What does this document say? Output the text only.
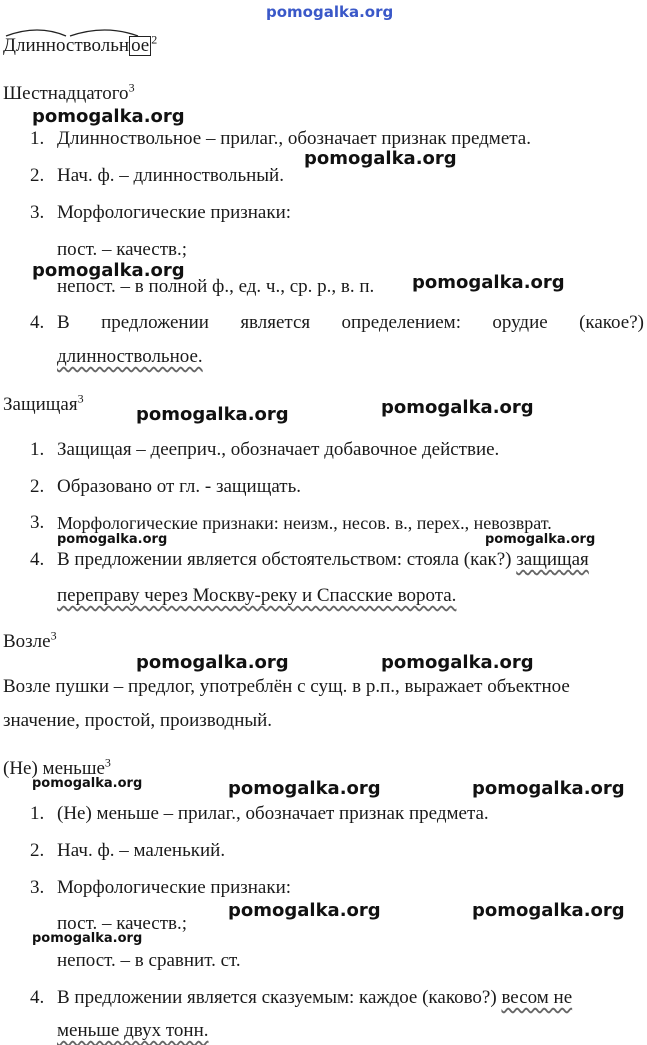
pomogalka.org
Длинноствольн ое $^2$
Шестнадцатого$^3$
pomogalka.org
1. Длинноствольное – прилаг., обозначает признак предмета.
pomogalka.org
2. Нач. ф. – длинноствольный.
3. Морфологические признаки:
пост. – качеств.;
pomogalka.org
непост. – в полной ф., ед. ч., ср. р., в. п. pomogalka.org
4. В предложении является определением: орудие (какое?)
длинноствольное.
Защищая$^3$
pomogalka.org	pomogalka.org
1. Защищая – дееприч., обозначает добавочное действие.
2. Образовано от гл. - защищать.
3. Морфологические признаки: неизм., несов. в., перех., невозврат.
pomogalka.org	pomogalka.org
4. В предложении является обстоятельством: стояла (как?) защищая
переправу через Москву-реку и Спасские ворота.
Возле$^3$
pomogalka.org	pomogalka.org
Возле пушки – предлог, употреблён с сущ. в р.п., выражает объектное
значение, простой, производный.
(Не) меньше$^3$
pomogalka.org	pomogalka.org	pomogalka.org
1. (Не) меньше – прилаг., обозначает признак предмета.
2. Нач. ф. – маленький.
3. Морфологические признаки:
pomogalka.org	pomogalka.org
пост. – качеств.;
pomogalka.org
непост. – в сравнит. ст.
4. В предложении является сказуемым: каждое (каково?) весом не
меньше двух тонн.
